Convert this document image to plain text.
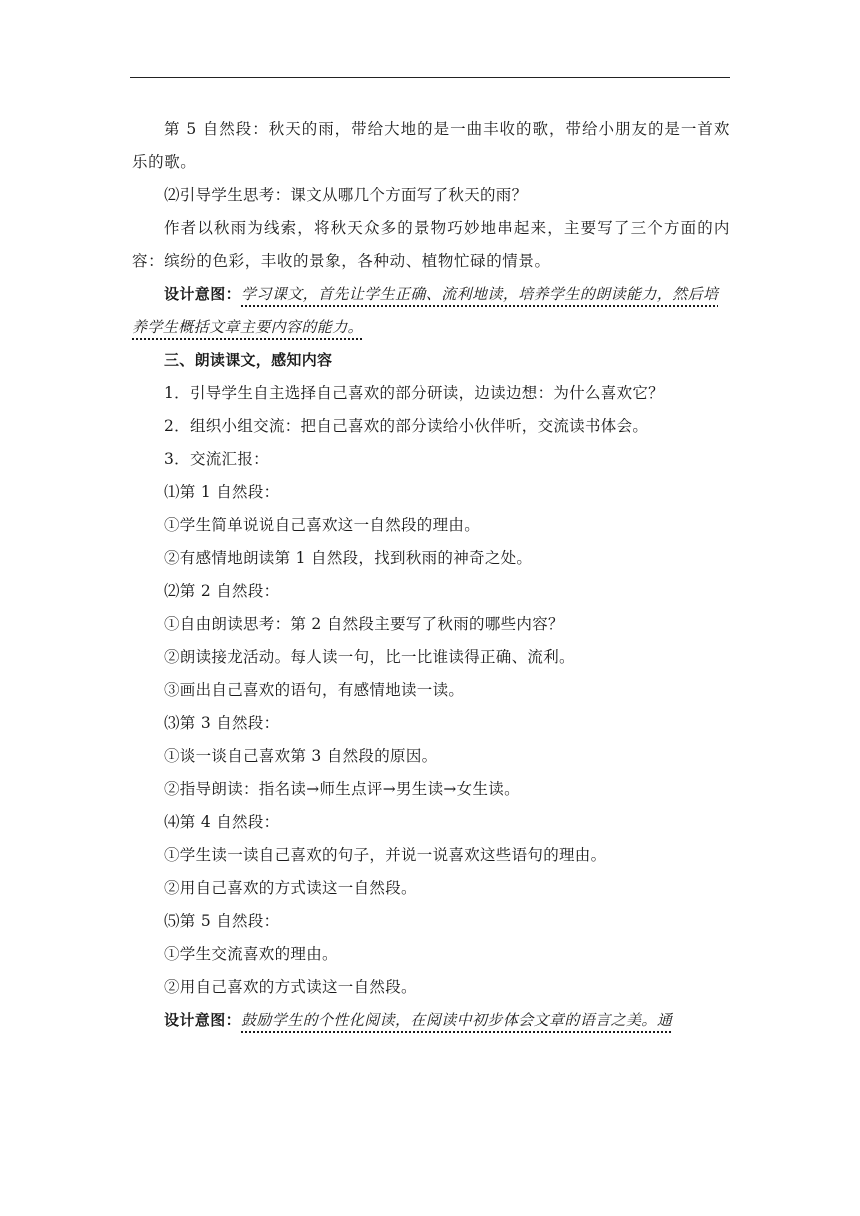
第 5 自然段：秋天的雨，带给大地的是一曲丰收的歌，带给小朋友的是一首欢乐的歌。

⑵引导学生思考：课文从哪几个方面写了秋天的雨？

作者以秋雨为线索，将秋天众多的景物巧妙地串起来，主要写了三个方面的内容：缤纷的色彩，丰收的景象，各种动、植物忙碌的情景。

设计意图：学习课文，首先让学生正确、流利地读，培养学生的朗读能力，然后培养学生概括文章主要内容的能力。

三、朗读课文，感知内容

1．引导学生自主选择自己喜欢的部分研读，边读边想：为什么喜欢它？

2．组织小组交流：把自己喜欢的部分读给小伙伴听，交流读书体会。

3．交流汇报：

⑴第 1 自然段：

①学生简单说说自己喜欢这一自然段的理由。

②有感情地朗读第 1 自然段，找到秋雨的神奇之处。

⑵第 2 自然段：

①自由朗读思考：第 2 自然段主要写了秋雨的哪些内容？

②朗读接龙活动。每人读一句，比一比谁读得正确、流利。

③画出自己喜欢的语句，有感情地读一读。

⑶第 3 自然段：

①谈一谈自己喜欢第 3 自然段的原因。

②指导朗读：指名读→师生点评→男生读→女生读。

⑷第 4 自然段：

①学生读一读自己喜欢的句子，并说一说喜欢这些语句的理由。

②用自己喜欢的方式读这一自然段。

⑸第 5 自然段：

①学生交流喜欢的理由。

②用自己喜欢的方式读这一自然段。

设计意图：鼓励学生的个性化阅读，在阅读中初步体会文章的语言之美。通
